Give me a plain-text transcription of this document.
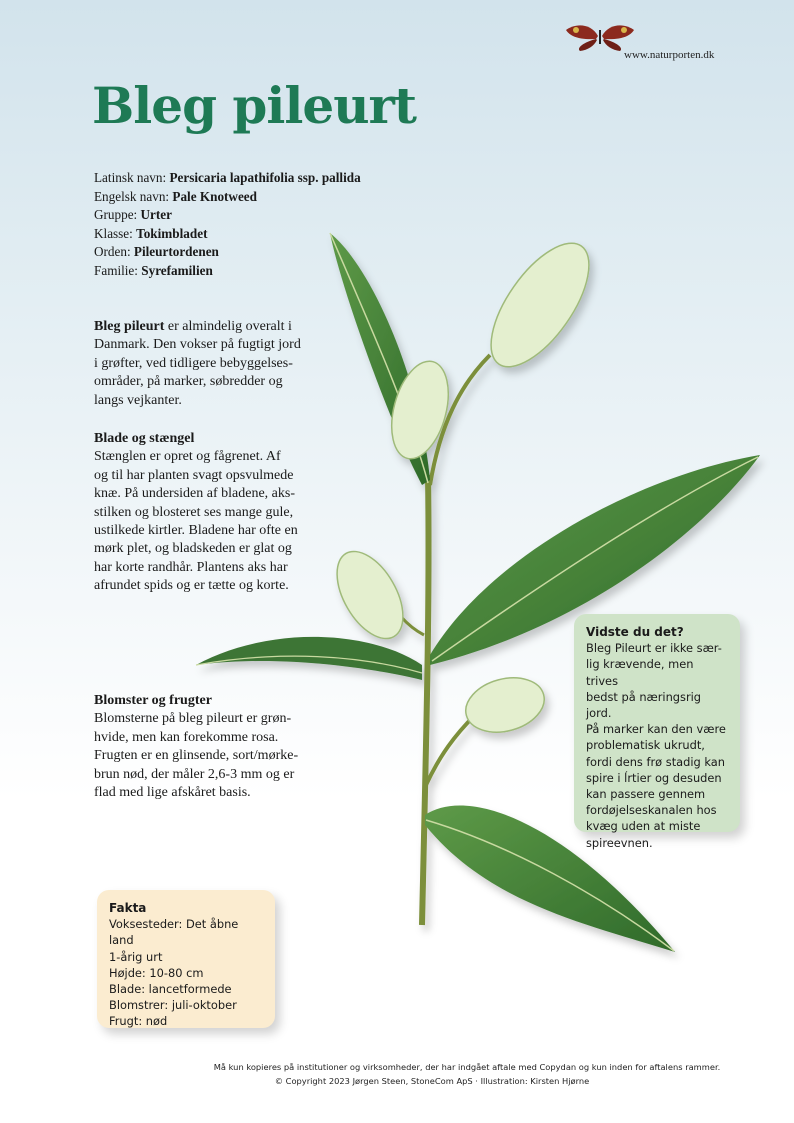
www.naturporten.dk
Bleg pileurt
Latinsk navn: Persicaria lapathifolia ssp. pallida
Engelsk navn: Pale Knotweed
Gruppe: Urter
Klasse: Tokimbladet
Orden: Pileurtordenen
Familie: Syrefamilien
Bleg pileurt er almindelig overalt i
Danmark. Den vokser på fugtigt jord
i grøfter, ved tidligere bebyggelses-
områder, på marker, søbredder og
langs vejkanter.
Blade og stængel
Stænglen er opret og fågrenet. Af
og til har planten svagt opsvulmede
knæ. På undersiden af bladene, aks-
stilken og blosteret ses mange gule,
ustilkede kirtler. Bladene har ofte en
mørk plet, og bladskeden er glat og
har korte randhår. Plantens aks har
afrundet spids og er tætte og korte.
Blomster og frugter
Blomsterne på bleg pileurt er grøn-
hvide, men kan forekomme rosa.
Frugten er en glinsende, sort/mørke-
brun nød, der måler 2,6-3 mm og er
flad med lige afskåret basis.
Vidste du det?
Bleg Pileurt er ikke sær-
lig krævende, men trives
bedst på næringsrig jord.
På marker kan den være
problematisk ukrudt,
fordi dens frø stadig kan
spire i ĺrtier og desuden
kan passere gennem
fordøjelseskanalen hos
kvæg uden at miste
spireevnen.
Fakta
Voksesteder: Det åbne land
1-årig urt
Højde: 10-80 cm
Blade: lancetformede
Blomstrer: juli-oktober
Frugt: nød
Må kun kopieres på institutioner og virksomheder, der har indgået aftale med Copydan og kun inden for aftalens rammer.
© Copyright 2023 Jørgen Steen, StoneCom ApS · Illustration: Kirsten Hjørne
